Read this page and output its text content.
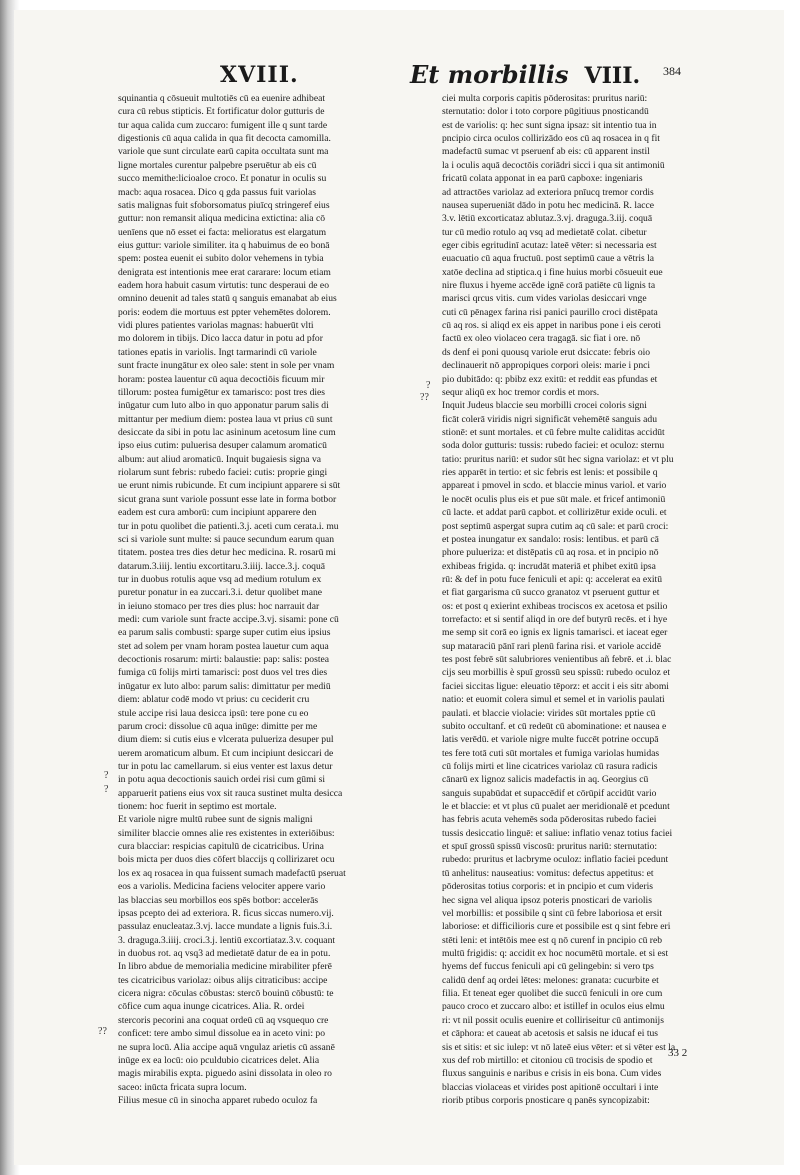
XVIII.	Et morbillis VIII. 384
squinantia q cōsueuit multotiēs cū ea euenire adhibeat
cura cū rebus stipticis. Et fortificatur dolor gutturis de
tur aqua calida cum zuccaro: fumigent ille q sunt tarde
digestionis cū aqua calida in qua fit decocta camomilla.
variole que sunt circulate earū capita occultata sunt ma
ligne mortales curentur palpebre pseruētur ab eis cū
succo memithe:licioaloe croco. Et ponatur in oculis su
macb: aqua rosacea. Dico q gda passus fuit variolas
satis malignas fuit sfoborsomatus piuīcq stringeref eius
guttur: non remansit aliqua medicina extictina: alia cō
uenīens que nō esset ei facta: melioratus est elargatum
eius guttur: variole similiter. ita q habuimus de eo bonā
spem: postea euenit ei subito dolor vehemens in tybia
denigrata est intentionis mee erat cararare: locum etiam
eadem hora habuit casum virtutis: tunc desperaui de eo
omnino deuenit ad tales statū q sanguis emanabat ab eius
poris: eodem die mortuus est ppter vehemētes dolorem.
vidi plures patientes variolas magnas: habuerūt vlti
mo dolorem in tibijs. Dico lacca datur in potu ad pfor
tationes epatis in variolis. Ingt tarmarindi cū variole
sunt fracte inungātur ex oleo sale: stent in sole per vnam
horam: postea lauentur cū aqua decoctiōis ficuum mir
tillorum: postea fumigētur ex tamarisco: post tres dies
inūgatur cum luto albo in quo apponatur parum salis di
mittantur per medium diem: postea laua vt prius cū sunt
desiccate da sibi in potu lac asininum acetosum line cum
ipso eius cutim: puluerisa desuper calamum aromaticū
album: aut aliud aromaticū. Inquit bugaiesis signa va
riolarum sunt febris: rubedo faciei: cutis: proprie gingi
ue erunt nimis rubicunde. Et cum incipiunt apparere si sūt
sicut grana sunt variole possunt esse late in forma botbor
eadem est cura amborū: cum incipiunt apparere den
tur in potu quolibet die patienti.3.j. aceti cum cerata.i. mu
sci si variole sunt multe: si pauce secundum earum quan
titatem. postea tres dies detur hec medicina. R. rosarū mi
datarum.3.iiij. lentiu excortitaru.3.iiij. lacce.3.j. coquā
tur in duobus rotulis aque vsq ad medium rotulum ex
puretur ponatur in ea zuccari.3.i. detur quolibet mane
in ieiuno stomaco per tres dies plus: hoc narrauit dar
medi: cum variole sunt fracte accipe.3.vj. sisami: pone cū
ea parum salis combusti: sparge super cutim eius ipsius
stet ad solem per vnam horam postea lauetur cum aqua
decoctionis rosarum: mirti: balaustie: pap: salis: postea
fumiga cū folijs mirti tamarisci: post duos vel tres dies
inūgatur ex luto albo: parum salis: dimittatur per mediū
diem: ablatur codē modo vt prius: cu ceciderit cru
stule accipe risi laua desicca ipsū: tere pone cu eo
parum croci: dissolue cū aqua inūge: dimitte per me
dium diem: si cutis eius e vlcerata pulueriza desuper pul
uerem aromaticum album. Et cum incipiunt desiccari de
tur in potu lac camellarum. si eius venter est laxus detur
in potu aqua decoctionis sauich ordei risi cum gūmi si
apparuerit patiens eius vox sit rauca sustinet multa desicca
tionem: hoc fuerit in septimo est mortale.
Et variole nigre multū rubee sunt de signis maligni
similiter blaccie omnes alie res existentes in exteriōibus:
cura blacciar: respicias capitulū de cicatricibus. Urina
bois micta per duos dies cōfert blaccijs q collirizaret ocu
los ex aq rosacea in qua fuissent sumach madefactū pseruat
eos a variolis. Medicina faciens velociter appere vario
las blaccias seu morbillos eos spēs botbor: accelerās
ipsas pcepto dei ad exteriora. R. ficus siccas numero.vij.
passulaz enucleataz.3.vj. lacce mundate a lignis fuis.3.i.
3. draguga.3.iiij. croci.3.j. lentiū excortiataz.3.v. coquant
in duobus rot. aq vsq3 ad medietatē datur de ea in potu.
In libro abdue de memorialia medicine mirabiliter pferē
tes cicatricibus variolaz: oibus alijs citraticibus: accipe
cicera nigra: cōculas cōbustas: stercō bouinū cōbustū: te
cōfice cum aqua inunge cicatrices. Alia. R. ordei
stercoris pecorini ana coquat ordeū cū aq vsquequo cre
conficet: tere ambo simul dissolue ea in aceto vini: po
ne supra locū. Alia accipe aquā vngulaz arietis cū assanē
inūge ex ea locū: oio pculdubio cicatrices delet. Alia
magis mirabilis expta. piguedo asini dissolata in oleo ro
saceo: inūcta fricata supra locum.
Filius mesue cū in sinocha apparet rubedo oculoz fa
ciei multa corporis capitis pōderositas: pruritus nariū:
sternutatio: dolor i toto corpore pūgitiuus pnosticandū
est de variolis: q: hec sunt signa ipsaz: sit intentio tua in
pncipio circa oculos collirizādo eos cū aq rosacea in q fit
madefactū sumac vt pseruenf ab eis: cū apparent instil
la i oculis aquā decoctōis coriādri sicci i qua sit antimoniū
fricatū colata apponat in ea parū capboxe: ingeniaris
ad attractōes variolaz ad exteriora pnīucq tremor cordis
nausea superueniāt dādo in potu hec medicinā. R. lacce
3.v. lētiū excorticataz ablutaz.3.vj. draguga.3.iij. coquā
tur cū medio rotulo aq vsq ad medietatē colat. cibetur
eger cibis egritudinī acutaz: lateē vēter: si necessaria est
euacuatio cū aqua fructuū. post septimū caue a vētris la
xatōe declina ad stiptica.q i fine huius morbi cōsueuit eue
nire fluxus i hyeme accēde ignē corā patiēte cū lignis ta
marisci qrcus vitis. cum vides variolas desiccari vnge
cuti cū pēnagex farina risi panici paurillo croci distēpata
cū aq ros. si aliqd ex eis appet in naribus pone i eis ceroti
factū ex oleo violaceo cera tragagā. sic fiat i ore. nō
ds denf ei poni quousq variole erut dsiccate: febris oio
declinauerit nō appropiques corpori oleis: marie i pnci
pio dubitādo: q: pbibz exz exitū: et reddit eas pfundas et
sequr aliqū ex hoc tremor cordis et mors.
Inquit Judeus blaccie seu morbilli crocei coloris signi
ficāt colerā viridis nigri significāt vehemētē sanguis adu
stionē: et sunt mortales. et cū febre multe caliditas accidūt
soda dolor gutturis: tussis: rubedo faciei: et oculoz: sternu
tatio: pruritus nariū: et sudor sūt hec signa variolaz: et vt plu
ries apparēt in tertio: et sic febris est lenis: et possibile q
appareat i pmovel in scdo. et blaccie minus variol. et vario
le nocēt oculis plus eis et pue sūt male. et fricef antimoniū
cū lacte. et addat parū capbot. et collirizētur exide oculi. et
post septimū aspergat supra cutim aq cū sale: et parū croci:
et postea inungatur ex sandalo: rosis: lentibus. et parū cā
phore pulueriza: et distēpatis cū aq rosa. et in pncipio nō
exhibeas frigida. q: incrudāt materiā et phibet exitū ipsa
rū: & def in potu fuce feniculi et api: q: accelerat ea exitū
et fiat gargarisma cū succo granatoz vt pseruent guttur et
os: et post q exierint exhibeas trociscos ex acetosa et psilio
torrefacto: et si sentif aliqd in ore def butyrū recēs. et i hye
me semp sit corā eo ignis ex lignis tamarisci. et iaceat eger
sup mataraciū pānī rari plenū farina risi. et variole accidē
tes post febrē sūt salubriores venientibus añ febrē. et .i. blac
cijs seu morbillis è spuī grossū seu spissū: rubedo oculoz et
faciei siccitas ligue: eleuatio tēporz: et accit i eis sitr abomi
natio: et euomit colera simul et semel et in variolis paulati
paulati. et blaccie violacie: virides sūt mortales pptie cū
subito occultanf. et cū redeūt cū abominatione: et nausea e
latis verēdū. et variole nigre multe fuccēt potrine occupā
tes fere totā cuti sūt mortales et fumiga variolas humidas
cū folijs mirti et line cicatrices variolaz cū rasura radicis
cānarū ex lignoz salicis madefactis in aq. Georgius cū
sanguis supabūdat et supaccēdif et cōrūpif accidūt vario
le et blaccie: et vt plus cū pualet aer meridionalē et pcedunt
has febris acuta vehemēs soda pōderositas rubedo faciei
tussis desiccatio linguē: et saliue: inflatio venaz totius faciei
et spuī grossū spissū viscosū: pruritus nariū: sternutatio:
rubedo: pruritus et lacbryme oculoz: inflatio faciei pcedunt
tū anhelitus: nauseatius: vomitus: defectus appetitus: et
pōderositas totius corporis: et in pncipio et cum videris
hec signa vel aliqua ipsoz poteris pnosticari de variolis
vel morbillis: et possibile q sint cū febre laboriosa et ersit
laboriose: et difficilioris cure et possibile est q sint febre eri
stēti leni: et intētōis mee est q nō curenf in pncipio cū reb
multū frigidis: q: accidit ex hoc nocumētū mortale. et si est
hyems def fuccus feniculi api cū gelingebin: si vero tps
calidū denf aq ordei lētes: melones: granata: cucurbite et
filia. Et teneat eger quolibet die succū feniculi in ore cum
pauco croco et zuccaro albo: et istillef in oculos eius elmu
ri: vt nil possit oculis euenire et colliriseitur cū antimonijs
et cāphora: et caueat ab acetosis et salsis ne iducaf ei tus
sis et sitis: et sic iulep: vt nō lateē eius vēter: et si vēter est la
xus def rob mirtillo: et citoniou cū trocisis de spodio et
fluxus sanguinis e naribus e crisis in eis bona. Cum vides
blaccias violaceas et virides post apitionē occultari i inte
riorib ptibus corporis pnosticare q panēs syncopizabit:
?
??
?
?
??
33 2
